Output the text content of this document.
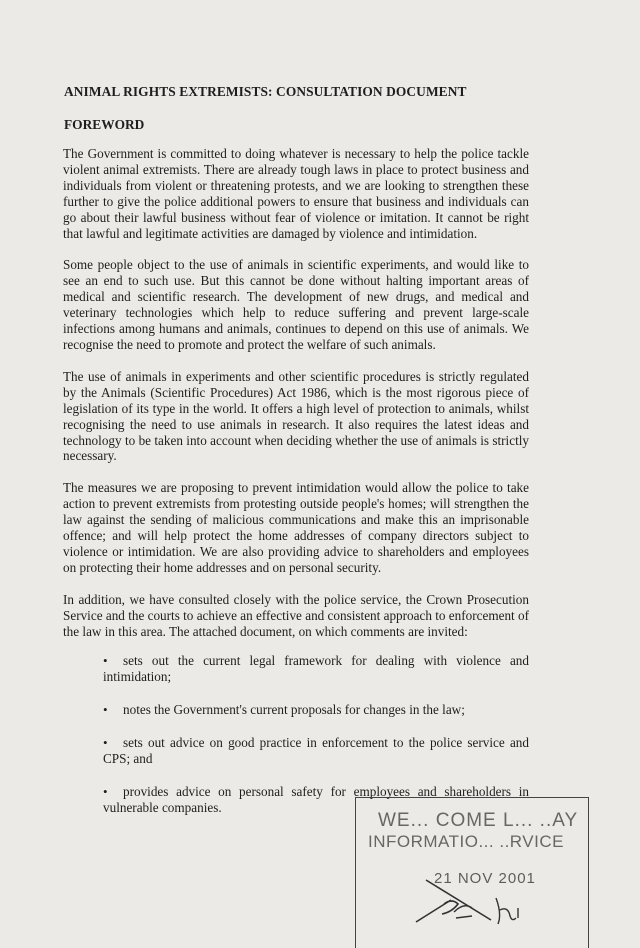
ANIMAL RIGHTS EXTREMISTS: CONSULTATION DOCUMENT
FOREWORD

The Government is committed to doing whatever is necessary to help the police tackle violent animal extremists. There are already tough laws in place to protect business and individuals from violent or threatening protests, and we are looking to strengthen these further to give the police additional powers to ensure that business and individuals can go about their lawful business without fear of violence or imitation. It cannot be right that lawful and legitimate activities are damaged by violence and intimidation.

Some people object to the use of animals in scientific experiments, and would like to see an end to such use. But this cannot be done without halting important areas of medical and scientific research. The development of new drugs, and medical and veterinary technologies which help to reduce suffering and prevent large-scale infections among humans and animals, continues to depend on this use of animals. We recognise the need to promote and protect the welfare of such animals.

The use of animals in experiments and other scientific procedures is strictly regulated by the Animals (Scientific Procedures) Act 1986, which is the most rigorous piece of legislation of its type in the world. It offers a high level of protection to animals, whilst recognising the need to use animals in research. It also requires the latest ideas and technology to be taken into account when deciding whether the use of animals is strictly necessary.

The measures we are proposing to prevent intimidation would allow the police to take action to prevent extremists from protesting outside people's homes; will strengthen the law against the sending of malicious communications and make this an imprisonable offence; and will help protect the home addresses of company directors subject to violence or intimidation. We are also providing advice to shareholders and employees on protecting their home addresses and on personal security.

In addition, we have consulted closely with the police service, the Crown Prosecution Service and the courts to achieve an effective and consistent approach to enforcement of the law in this area. The attached document, on which comments are invited:

• sets out the current legal framework for dealing with violence and intimidation;
• notes the Government's current proposals for changes in the law;
• sets out advice on good practice in enforcement to the police service and CPS; and
• provides advice on personal safety for employees and shareholders in vulnerable companies.
WE... COME L... ..AY
INFORMATIO... ..RVICE
21 NOV 2001
